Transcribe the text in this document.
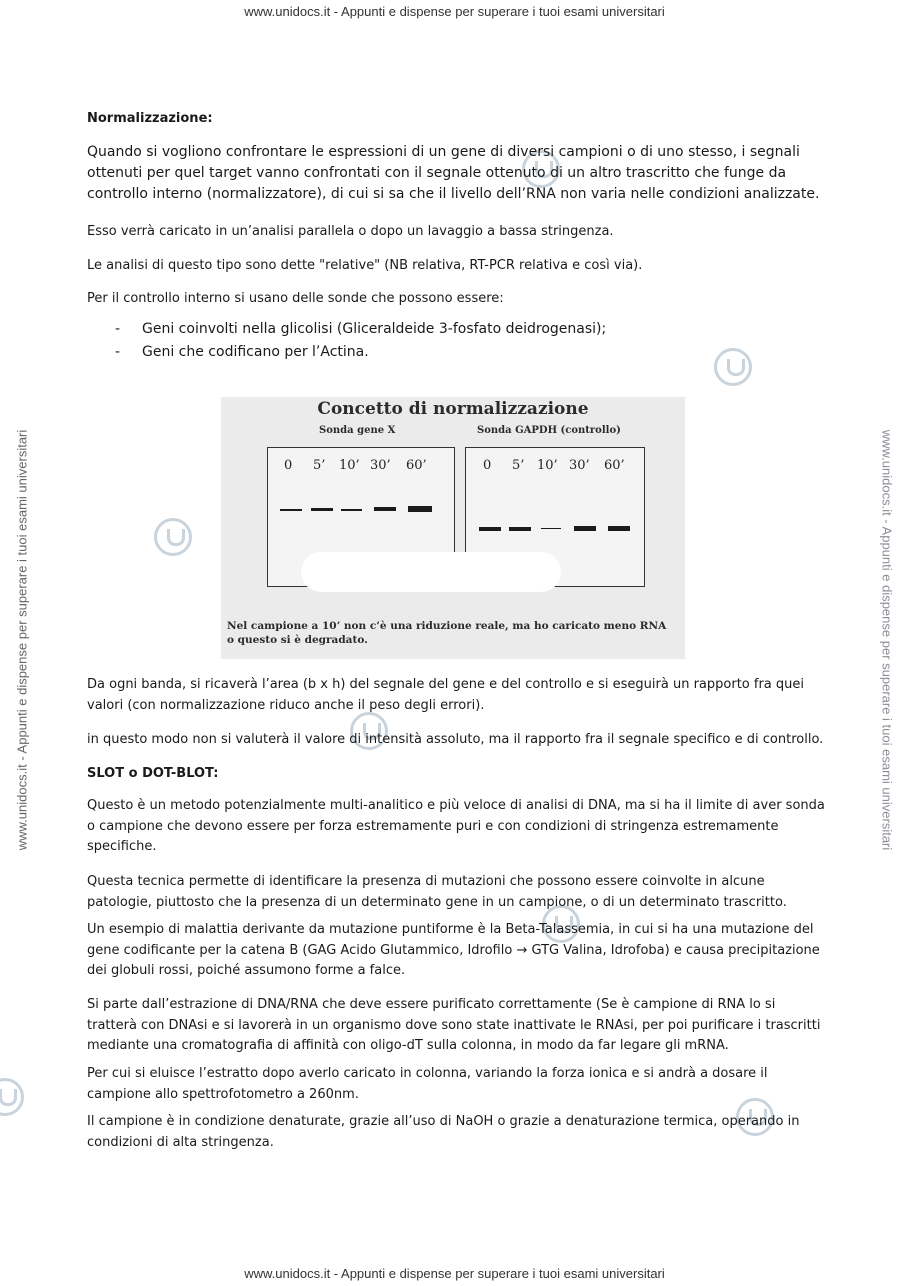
www.unidocs.it - Appunti e dispense per superare i tuoi esami universitari
www.unidocs.it - Appunti e dispense per superare i tuoi esami universitari
www.unidocs.it - Appunti e dispense per superare i tuoi esami universitari	www.unidocs.it - Appunti e dispense per superare i tuoi esami universitari
Normalizzazione:
Quando si vogliono confrontare le espressioni di un gene di diversi campioni o di uno stesso, i segnali ottenuti per quel target vanno confrontati con il segnale ottenuto di un altro trascritto che funge da controllo interno (normalizzatore), di cui si sa che il livello dell’RNA non varia nelle condizioni analizzate.
Esso verrà caricato in un’analisi parallela o dopo un lavaggio a bassa stringenza.
Le analisi di questo tipo sono dette "relative" (NB relativa, RT-PCR relativa e così via).
Per il controllo interno si usano delle sonde che possono essere:
- Geni coinvolti nella glicolisi (Gliceraldeide 3-fosfato deidrogenasi);
- Geni che codificano per l’Actina.
Concetto di normalizzazione
Sonda gene X	Sonda GAPDH (controllo)
0 5’ 10’ 30’ 60’	0 5’ 10’ 30’ 60’
Nel campione a 10’ non c’è una riduzione reale, ma ho caricato meno RNA o questo si è degradato.
Da ogni banda, si ricaverà l’area (b x h) del segnale del gene e del controllo e si eseguirà un rapporto fra quei valori (con normalizzazione riduco anche il peso degli errori).
in questo modo non si valuterà il valore di intensità assoluto, ma il rapporto fra il segnale specifico e di controllo.
SLOT o DOT-BLOT:
Questo è un metodo potenzialmente multi-analitico e più veloce di analisi di DNA, ma si ha il limite di aver sonda o campione che devono essere per forza estremamente puri e con condizioni di stringenza estremamente specifiche.
Questa tecnica permette di identificare la presenza di mutazioni che possono essere coinvolte in alcune patologie, piuttosto che la presenza di un determinato gene in un campione, o di un determinato trascritto.
Un esempio di malattia derivante da mutazione puntiforme è la Beta-Talassemia, in cui si ha una mutazione del gene codificante per la catena B (GAG Acido Glutammico, Idrofilo → GTG Valina, Idrofoba) e causa precipitazione dei globuli rossi, poiché assumono forme a falce.
Si parte dall’estrazione di DNA/RNA che deve essere purificato correttamente (Se è campione di RNA lo si tratterà con DNAsi e si lavorerà in un organismo dove sono state inattivate le RNAsi, per poi purificare i trascritti mediante una cromatografia di affinità con oligo-dT sulla colonna, in modo da far legare gli mRNA.
Per cui si eluisce l’estratto dopo averlo caricato in colonna, variando la forza ionica e si andrà a dosare il campione allo spettrofotometro a 260nm.
Il campione è in condizione denaturate, grazie all’uso di NaOH o grazie a denaturazione termica, operando in condizioni di alta stringenza.
